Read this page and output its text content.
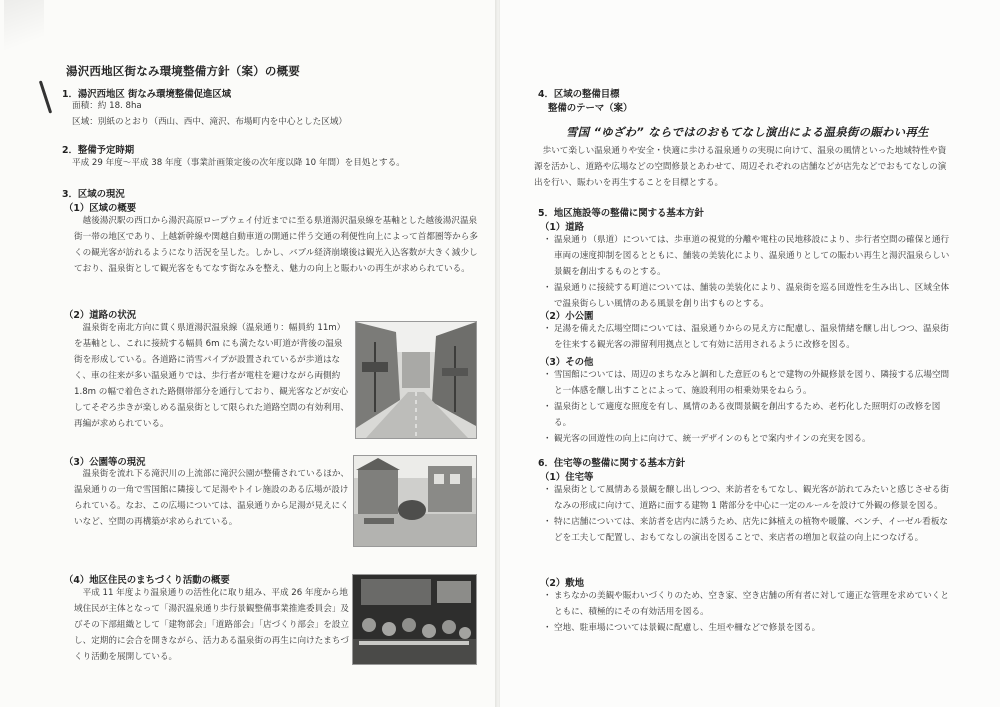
湯沢西地区街なみ環境整備方針（案）の概要
1．湯沢西地区 街なみ環境整備促進区域
面積：約 18. 8ha
区域：別紙のとおり（西山、西中、滝沢、布場町内を中心とした区域）
2．整備予定時期
平成 29 年度～平成 38 年度（事業計画策定後の次年度以降 10 年間）を目処とする。
3．区域の現況
（1）区域の概要
越後湯沢駅の西口から湯沢高原ロープウェイ付近までに至る県道湯沢温泉線を基軸とした越後湯沢温泉街一帯の地区であり、上越新幹線や関越自動車道の開通に伴う交通の利便性向上によって首都圏等から多くの観光客が訪れるようになり活況を呈した。しかし、バブル経済崩壊後は観光入込客数が大きく減少しており、温泉街として観光客をもてなす街なみを整え、魅力の向上と賑わいの再生が求められている。
（2）道路の状況
温泉街を南北方向に貫く県道湯沢温泉線（温泉通り：幅員約 11m）を基軸とし、これに接続する幅員 6m にも満たない町道が背後の温泉街を形成している。各道路に消雪パイプが設置されているが歩道はなく、車の往来が多い温泉通りでは、歩行者が電柱を避けながら両側約 1.8m の幅で着色された路側帯部分を通行しており、観光客などが安心してそぞろ歩きが楽しめる温泉街として限られた道路空間の有効利用、再編が求められている。
（3）公園等の現況
温泉街を流れ下る滝沢川の上流部に滝沢公園が整備されているほか、温泉通りの一角で雪国館に隣接して足湯やトイレ施設のある広場が設けられている。なお、この広場については、温泉通りから足湯が見えにくいなど、空間の再構築が求められている。
（4）地区住民のまちづくり活動の概要
平成 11 年度より温泉通りの活性化に取り組み、平成 26 年度から地域住民が主体となって「湯沢温泉通り歩行景観整備事業推進委員会」及びその下部組織として「建物部会」「道路部会」「店づくり部会」を設立し、定期的に会合を開きながら、活力ある温泉街の再生に向けたまちづくり活動を展開している。
4．区域の整備目標
整備のテーマ（案）
雪国 “ゆざわ” ならではのおもてなし演出による温泉街の賑わい再生
歩いて楽しい温泉通りや安全・快適に歩ける温泉通りの実現に向けて、温泉の風情といった地域特性や資源を活かし、道路や広場などの空間修景とあわせて、周辺それぞれの店舗などが店先などでおもてなしの演出を行い、賑わいを再生することを目標とする。
5．地区施設等の整備に関する基本方針
（1）道路
・ 温泉通り（県道）については、歩車道の視覚的分離や電柱の民地移設により、歩行者空間の確保と通行車両の速度抑制を図るとともに、舗装の美装化により、温泉通りとしての賑わい再生と湯沢温泉らしい景観を創出するものとする。
・ 温泉通りに接続する町道については、舗装の美装化により、温泉街を巡る回遊性を生み出し、区域全体で温泉街らしい風情のある風景を創り出すものとする。
（2）小公園
・ 足湯を備えた広場空間については、温泉通りからの見え方に配慮し、温泉情緒を醸し出しつつ、温泉街を往来する観光客の滞留利用拠点として有効に活用されるように改修を図る。
（3）その他
・ 雪国館については、周辺のまちなみと調和した意匠のもとで建物の外観修景を図り、隣接する広場空間と一体感を醸し出すことによって、施設利用の相乗効果をねらう。
・ 温泉街として適度な照度を有し、風情のある夜間景観を創出するため、老朽化した照明灯の改修を図る。
・ 観光客の回遊性の向上に向けて、統一デザインのもとで案内サインの充実を図る。
6．住宅等の整備に関する基本方針
（1）住宅等
・ 温泉街として風情ある景観を醸し出しつつ、来訪者をもてなし、観光客が訪れてみたいと感じさせる街なみの形成に向けて、道路に面する建物 1 階部分を中心に一定のルールを設けて外観の修景を図る。
・ 特に店舗については、来訪者を店内に誘うため、店先に鉢植えの植物や暖簾、ベンチ、イーゼル看板などを工夫して配置し、おもてなしの演出を図ることで、来店者の増加と収益の向上につなげる。
（2）敷地
・ まちなかの美観や賑わいづくりのため、空き家、空き店舗の所有者に対して適正な管理を求めていくとともに、積極的にその有効活用を図る。
・ 空地、駐車場については景観に配慮し、生垣や柵などで修景を図る。
